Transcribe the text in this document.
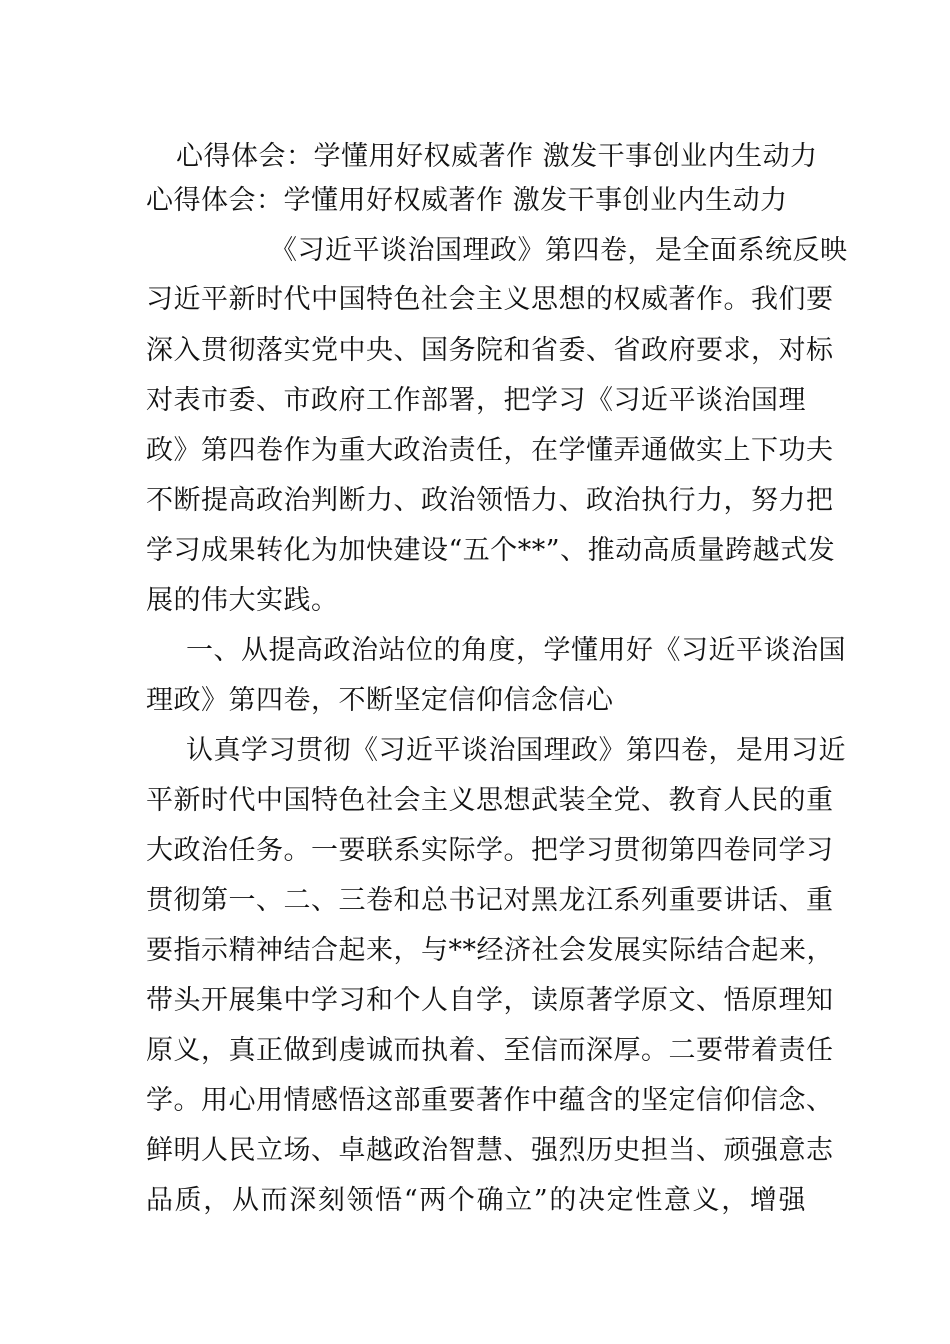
心得体会：学懂用好权威著作 激发干事创业内生动力
心得体会：学懂用好权威著作 激发干事创业内生动力
《习近平谈治国理政》第四卷，是全面系统反映
习近平新时代中国特色社会主义思想的权威著作。我们要
深入贯彻落实党中央、国务院和省委、省政府要求，对标
对表市委、市政府工作部署，把学习《习近平谈治国理
政》第四卷作为重大政治责任，在学懂弄通做实上下功夫
不断提高政治判断力、政治领悟力、政治执行力，努力把
学习成果转化为加快建设“五个**”、推动高质量跨越式发
展的伟大实践。
一、从提高政治站位的角度，学懂用好《习近平谈治国
理政》第四卷，不断坚定信仰信念信心
认真学习贯彻《习近平谈治国理政》第四卷，是用习近
平新时代中国特色社会主义思想武装全党、教育人民的重
大政治任务。一要联系实际学。把学习贯彻第四卷同学习
贯彻第一、二、三卷和总书记对黑龙江系列重要讲话、重
要指示精神结合起来，与**经济社会发展实际结合起来，
带头开展集中学习和个人自学，读原著学原文、悟原理知
原义，真正做到虔诚而执着、至信而深厚。二要带着责任
学。用心用情感悟这部重要著作中蕴含的坚定信仰信念、
鲜明人民立场、卓越政治智慧、强烈历史担当、顽强意志
品质，从而深刻领悟“两个确立”的决定性意义，增强
